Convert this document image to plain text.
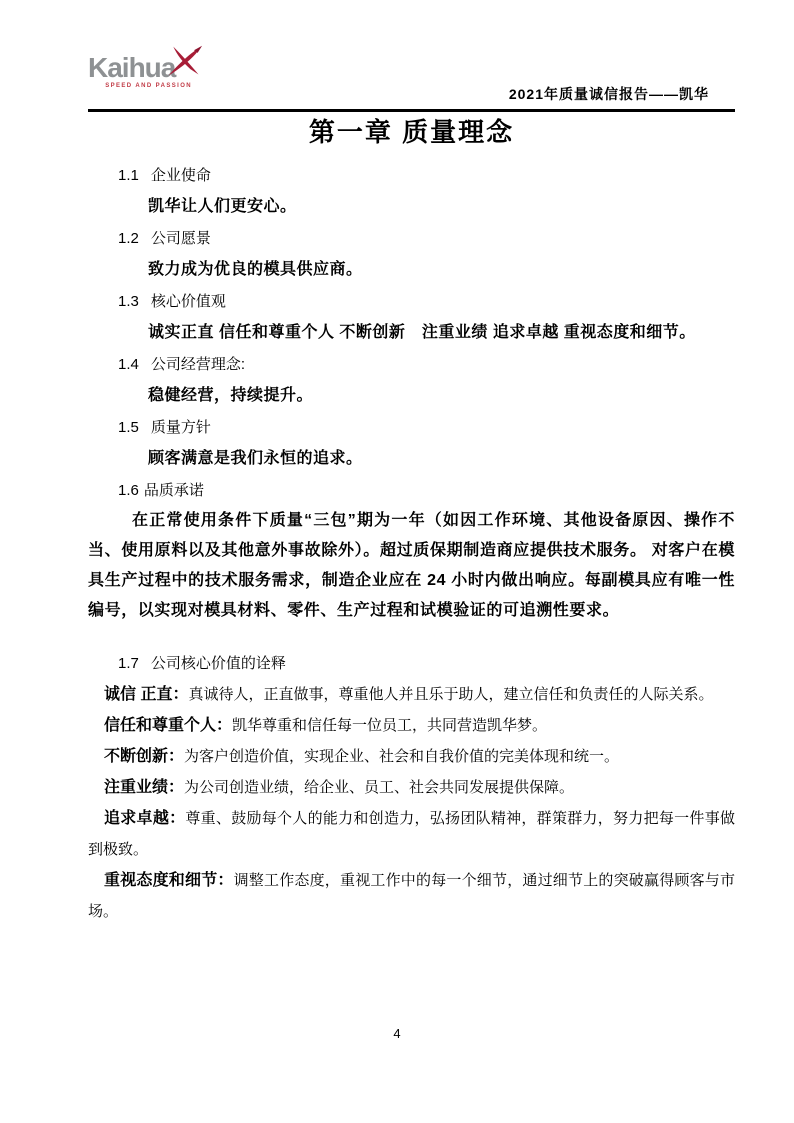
Kaihua
SPEED AND PASSION	2021年质量诚信报告——凯华
第一章 质量理念
1.1 企业使命
凯华让人们更安心。
1.2 公司愿景
致力成为优良的模具供应商。
1.3 核心价值观
诚实正直 信任和尊重个人 不断创新　注重业绩 追求卓越 重视态度和细节。
1.4 公司经营理念:
稳健经营，持续提升。
1.5 质量方针
顾客满意是我们永恒的追求。
1.6 品质承诺

在正常使用条件下质量“三包”期为一年（如因工作环境、其他设备原因、操作不当、使用原料以及其他意外事故除外）。超过质保期制造商应提供技术服务。 对客户在模具生产过程中的技术服务需求，制造企业应在 24 小时内做出响应。每副模具应有唯一性编号，以实现对模具材料、零件、生产过程和试模验证的可追溯性要求。

1.7 公司核心价值的诠释

诚信 正直：真诚待人，正直做事，尊重他人并且乐于助人，建立信任和负责任的人际关系。

信任和尊重个人：凯华尊重和信任每一位员工，共同营造凯华梦。

不断创新：为客户创造价值，实现企业、社会和自我价值的完美体现和统一。

注重业绩：为公司创造业绩，给企业、员工、社会共同发展提供保障。

追求卓越：尊重、鼓励每个人的能力和创造力，弘扬团队精神，群策群力，努力把每一件事做到极致。

重视态度和细节：调整工作态度，重视工作中的每一个细节，通过细节上的突破赢得顾客与市场。

4
